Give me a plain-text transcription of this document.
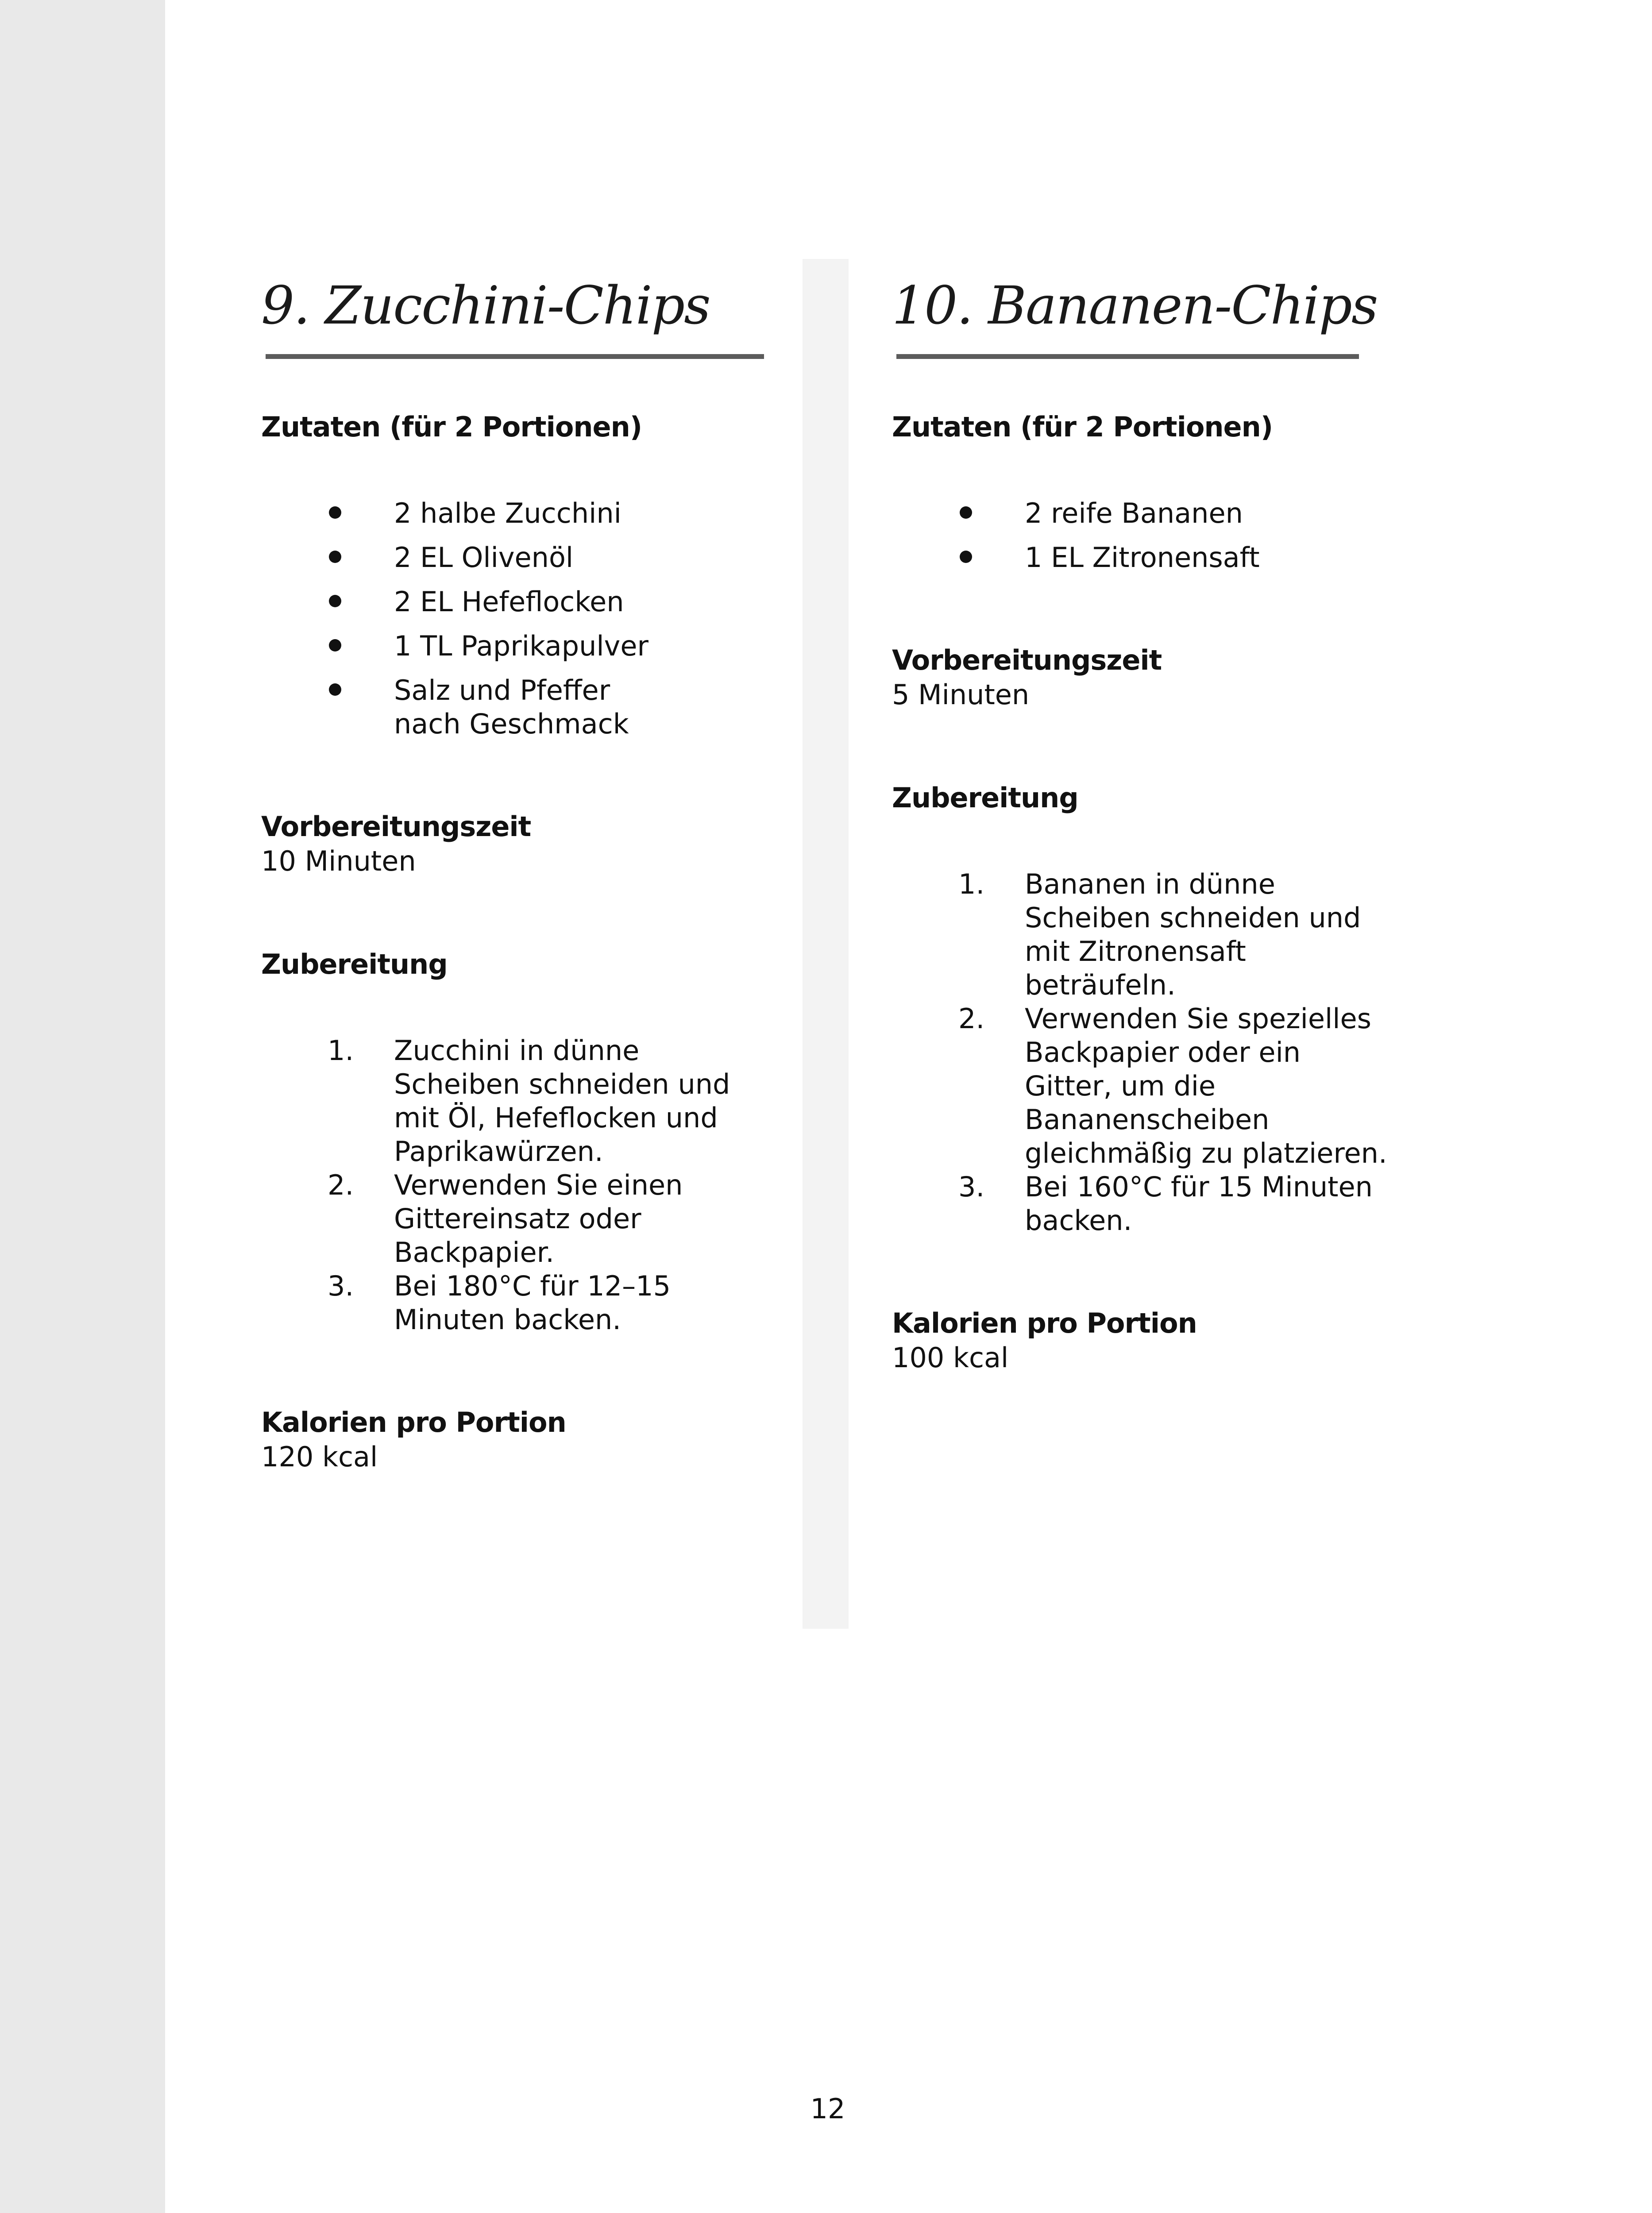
9. Zucchini-Chips
Zutaten (für 2 Portionen)
2 halbe Zucchini
2 EL Olivenöl
2 EL Hefeflocken
1 TL Paprikapulver
Salz und Pfeffer nach Geschmack
Vorbereitungszeit
10 Minuten
Zubereitung
1. Zucchini in dünne Scheiben schneiden und mit Öl, Hefeflocken und Paprikawürzen.
2. Verwenden Sie einen Gittereinsatz oder Backpapier.
3. Bei 180°C für 12–15 Minuten backen.
Kalorien pro Portion
120 kcal
10. Bananen-Chips
Zutaten (für 2 Portionen)
2 reife Bananen
1 EL Zitronensaft
Vorbereitungszeit
5 Minuten
Zubereitung
1. Bananen in dünne Scheiben schneiden und mit Zitronensaft beträufeln.
2. Verwenden Sie spezielles Backpapier oder ein Gitter, um die Bananenscheiben gleichmäßig zu platzieren.
3. Bei 160°C für 15 Minuten backen.
Kalorien pro Portion
100 kcal
12
